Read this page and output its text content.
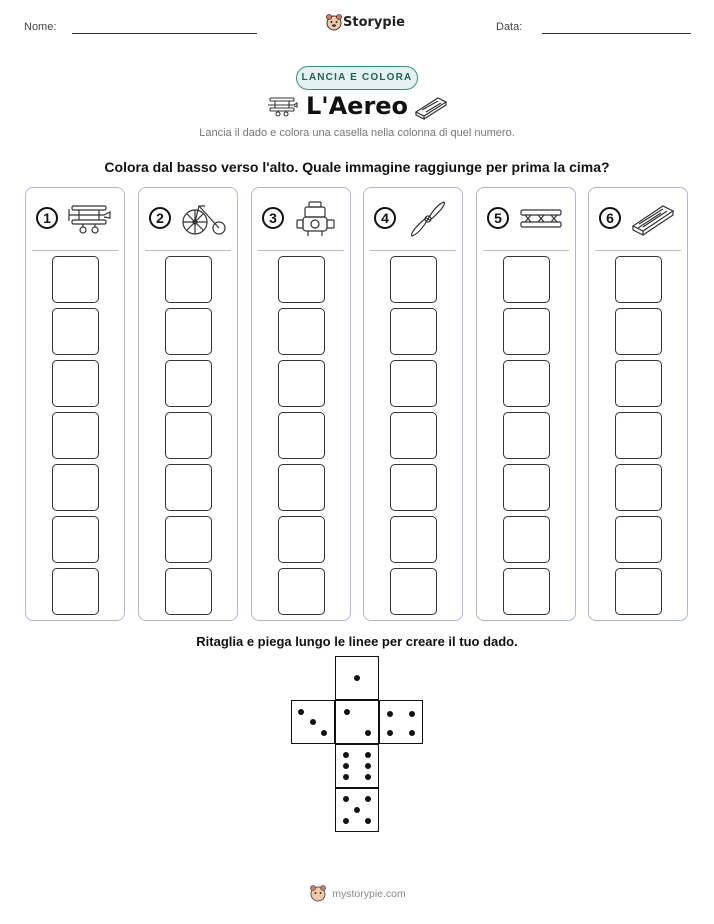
Nome:	Storypie	Data:
LANCIA E COLORA
L'Aereo
Lancia il dado e colora una casella nella colonna di quel numero.
Colora dal basso verso l'alto. Quale immagine raggiunge per prima la cima?
1	2	3	4	5	6
Ritaglia e piega lungo le linee per creare il tuo dado.
mystorypie.com
